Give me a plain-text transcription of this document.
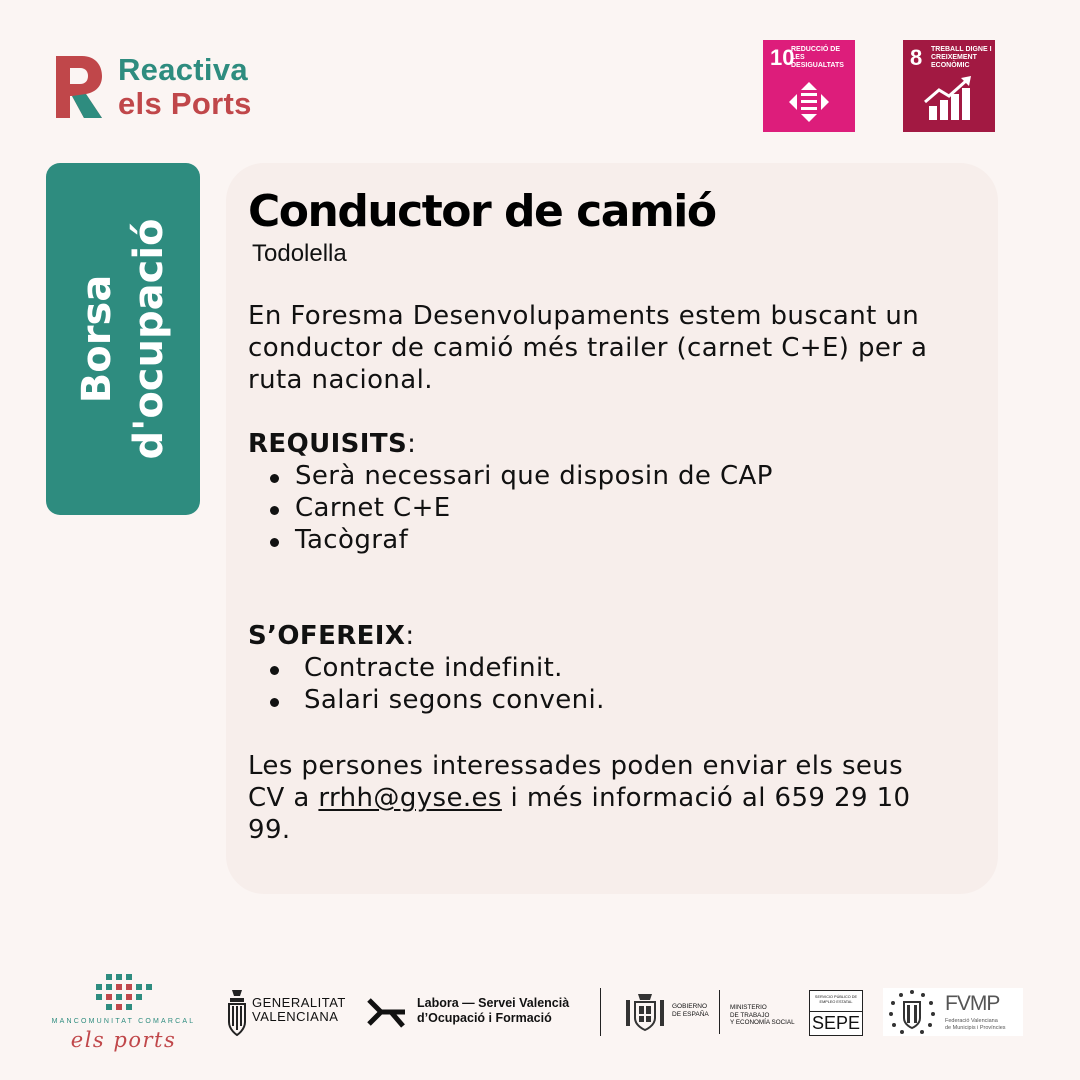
Reactiva
els Ports
10
REDUCCIÓ DE LES DESIGUALTATS	8 TREBALL DIGNE I CREIXEMENT ECONÒMIC
Borsa d'ocupació
Conductor de camió
Todolella
En Foresma Desenvolupaments estem buscant un conductor de camió més trailer (carnet C+E) per a ruta nacional.
REQUISITS:
Serà necessari que disposin de CAP
Carnet C+E
Tacògraf
S’OFEREIX:
Contracte indefinit.
Salari segons conveni.
Les persones interessades poden enviar els seus CV a rrhh@gyse.es i més informació al 659 29 10 99.
MANCOMUNITAT COMARCAL
els ports
GENERALITAT
VALENCIANA
Labora — Servei Valencià
d’Ocupació i Formació
GOBIERNO
DE ESPAÑA
MINISTERIO
DE TRABAJO
Y ECONOMÍA SOCIAL
SERVICIO PÚBLICO DE EMPLEO ESTATAL
SEPE
FVMP
Federació Valenciana
de Municipis i Províncies
